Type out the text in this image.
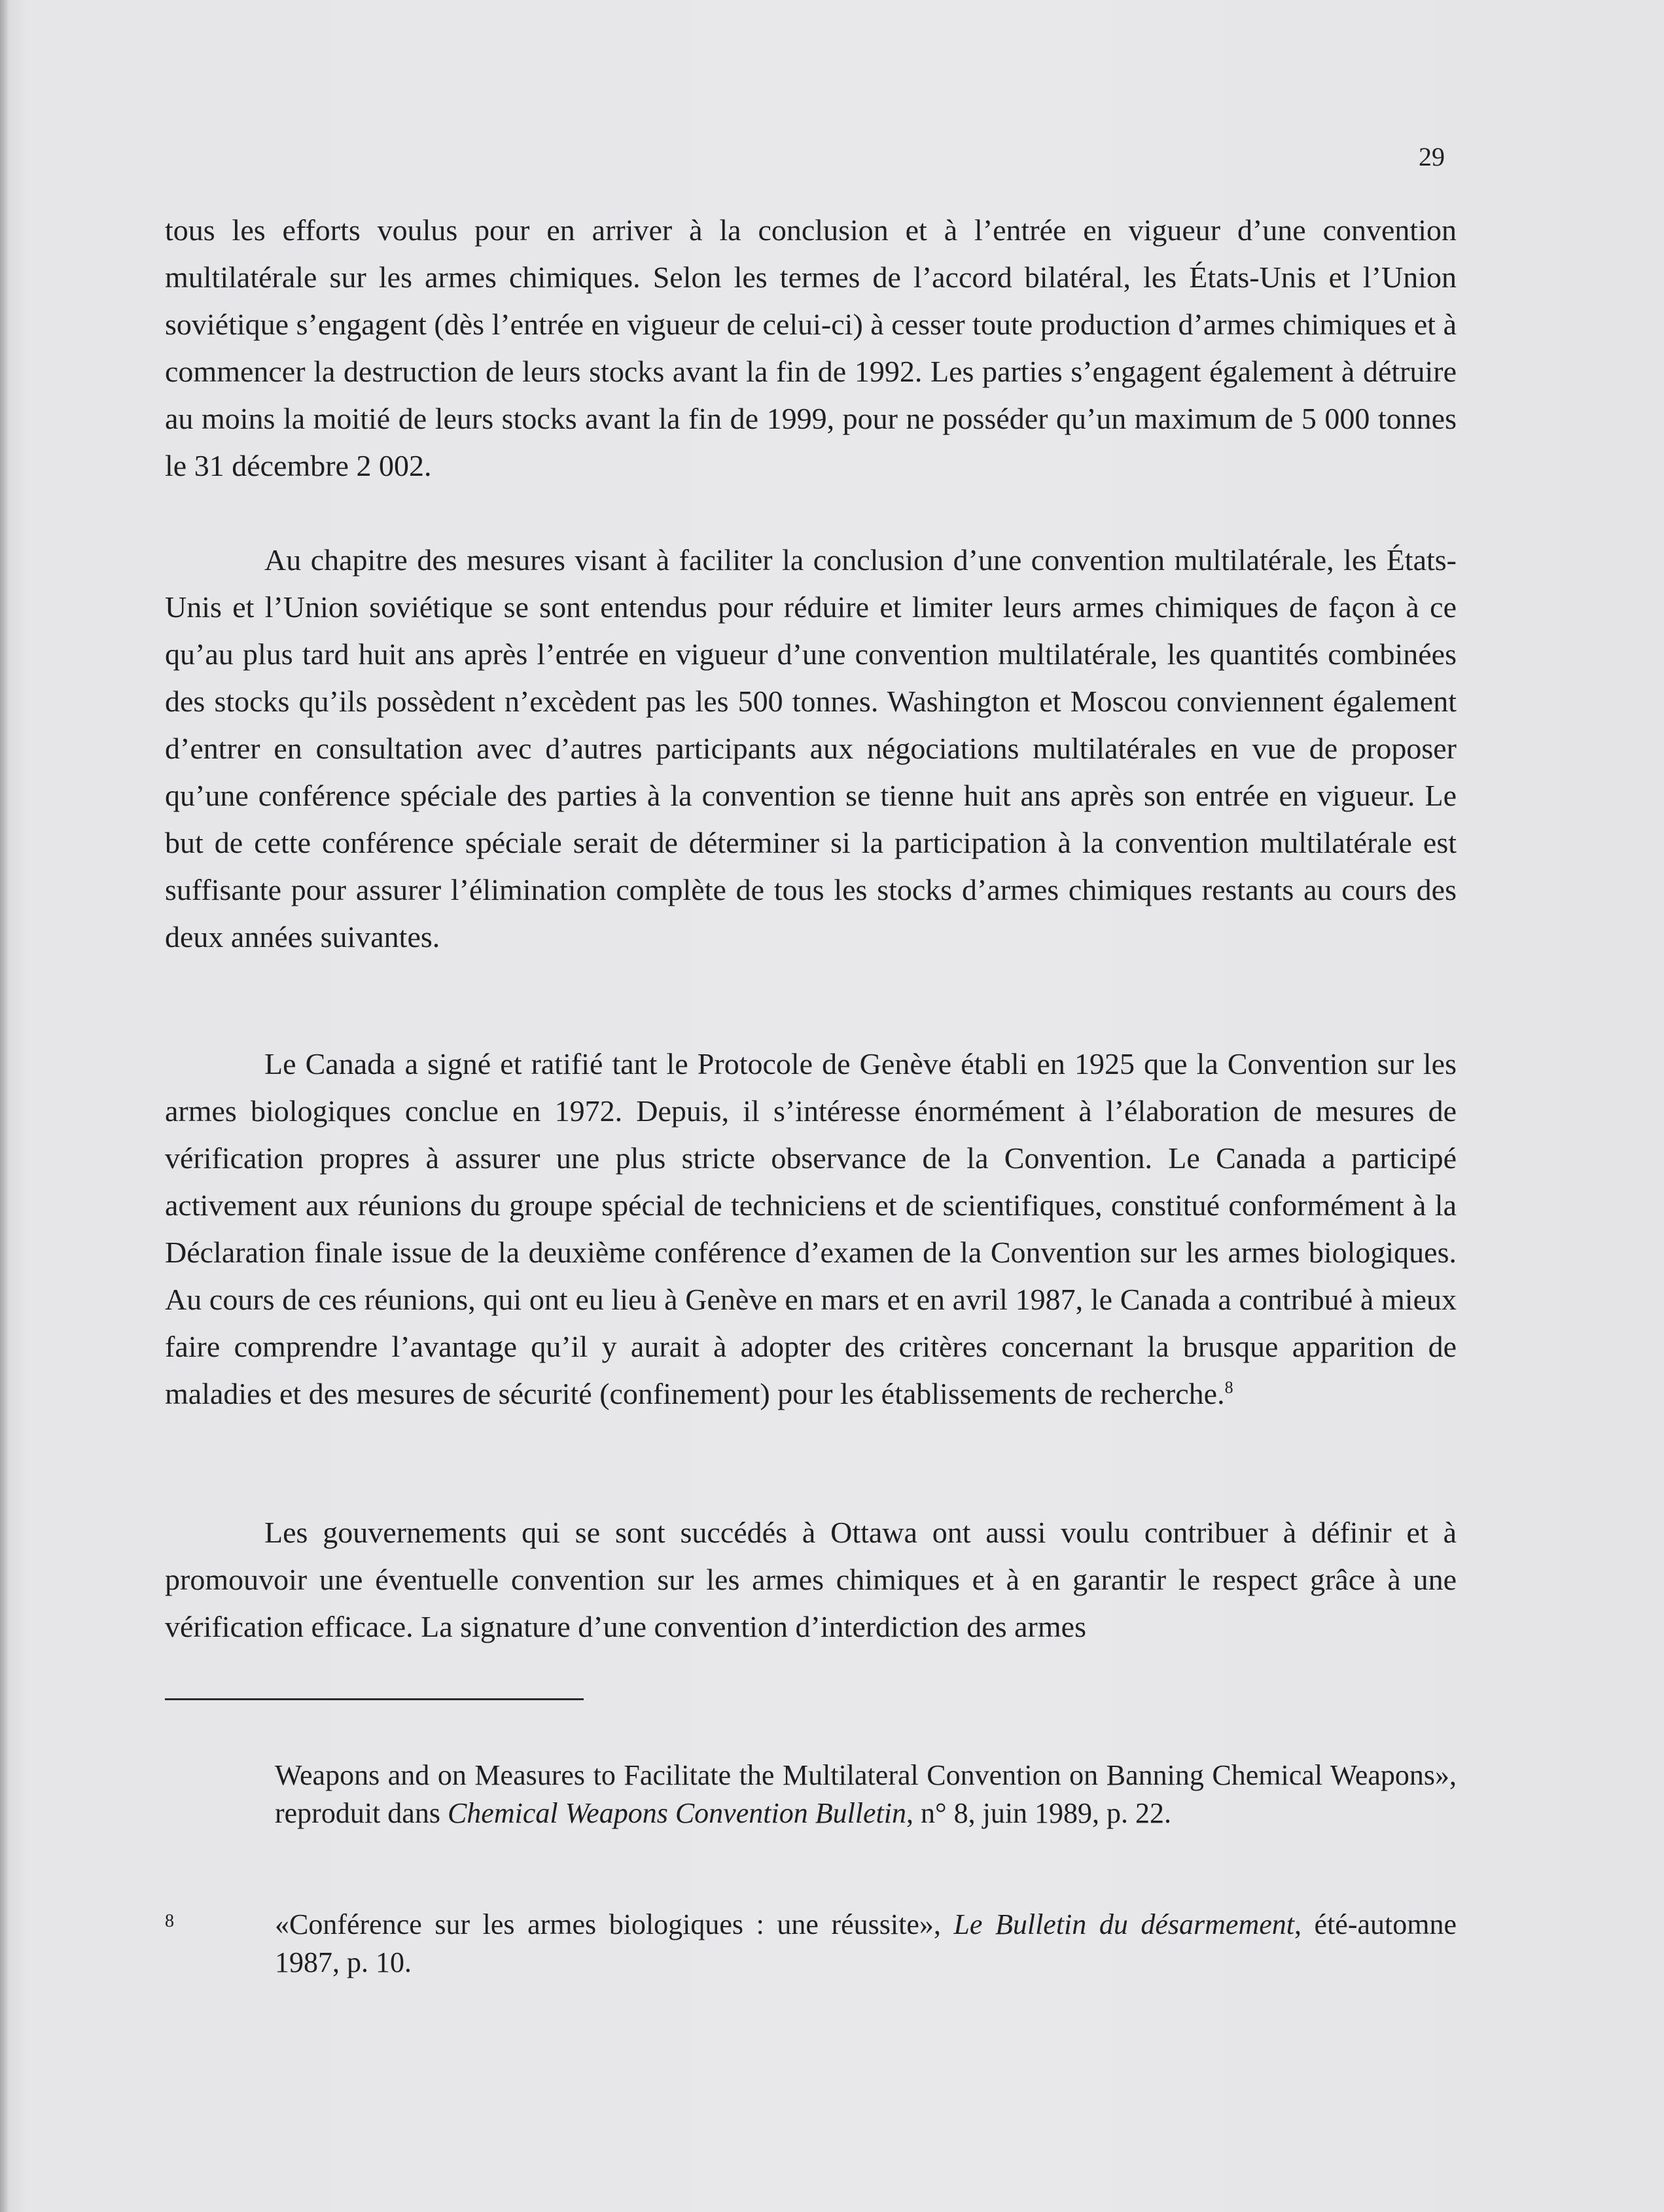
29

tous les efforts voulus pour en arriver à la conclusion et à l’entrée en vigueur d’une convention multilatérale sur les armes chimiques. Selon les termes de l’accord bilatéral, les États-Unis et l’Union soviétique s’engagent (dès l’entrée en vigueur de celui-ci) à cesser toute production d’armes chimiques et à commencer la destruction de leurs stocks avant la fin de 1992. Les parties s’engagent également à détruire au moins la moitié de leurs stocks avant la fin de 1999, pour ne posséder qu’un maximum de 5 000 tonnes le 31 décembre 2 002.

Au chapitre des mesures visant à faciliter la conclusion d’une convention multilatérale, les États-Unis et l’Union soviétique se sont entendus pour réduire et limiter leurs armes chimiques de façon à ce qu’au plus tard huit ans après l’entrée en vigueur d’une convention multilatérale, les quantités combinées des stocks qu’ils possèdent n’excèdent pas les 500 tonnes. Washington et Moscou conviennent également d’entrer en consultation avec d’autres participants aux négociations multilatérales en vue de proposer qu’une conférence spéciale des parties à la convention se tienne huit ans après son entrée en vigueur. Le but de cette conférence spéciale serait de déterminer si la participation à la convention multilatérale est suffisante pour assurer l’élimination complète de tous les stocks d’armes chimiques restants au cours des deux années suivantes.

Le Canada a signé et ratifié tant le Protocole de Genève établi en 1925 que la Convention sur les armes biologiques conclue en 1972. Depuis, il s’intéresse énormément à l’élaboration de mesures de vérification propres à assurer une plus stricte observance de la Convention. Le Canada a participé activement aux réunions du groupe spécial de techniciens et de scientifiques, constitué conformément à la Déclaration finale issue de la deuxième conférence d’examen de la Convention sur les armes biologiques. Au cours de ces réunions, qui ont eu lieu à Genève en mars et en avril 1987, le Canada a contribué à mieux faire comprendre l’avantage qu’il y aurait à adopter des critères concernant la brusque apparition de maladies et des mesures de sécurité (confinement) pour les établissements de recherche.$^8$

Les gouvernements qui se sont succédés à Ottawa ont aussi voulu contribuer à définir et à promouvoir une éventuelle convention sur les armes chimiques et à en garantir le respect grâce à une vérification efficace. La signature d’une convention d’interdiction des armes

Weapons and on Measures to Facilitate the Multilateral Convention on Banning Chemical Weapons», reproduit dans Chemical Weapons Convention Bulletin, n° 8, juin 1989, p. 22.

8	«Conférence sur les armes biologiques : une réussite», Le Bulletin du désarmement, été-automne 1987, p. 10.
